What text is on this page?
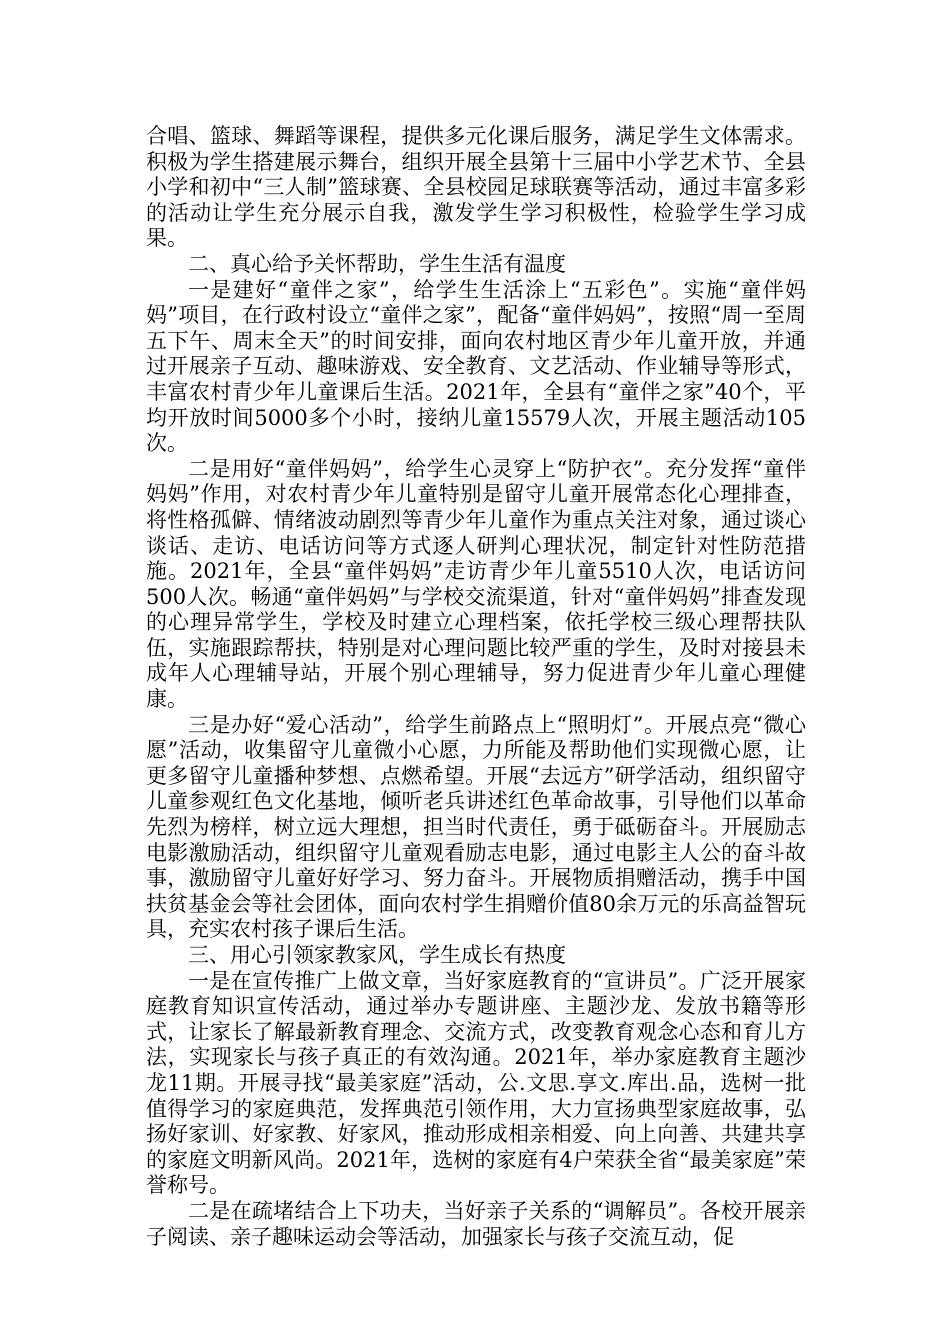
合唱、篮球、舞蹈等课程，提供多元化课后服务，满足学生文体需求。积极为学生搭建展示舞台，组织开展全县第十三届中小学艺术节、全县小学和初中“三人制”篮球赛、全县校园足球联赛等活动，通过丰富多彩的活动让学生充分展示自我，激发学生学习积极性，检验学生学习成果。

二、真心给予关怀帮助，学生生活有温度

一是建好“童伴之家”，给学生生活涂上“五彩色”。实施“童伴妈妈”项目，在行政村设立“童伴之家”，配备“童伴妈妈”，按照“周一至周五下午、周末全天”的时间安排，面向农村地区青少年儿童开放，并通过开展亲子互动、趣味游戏、安全教育、文艺活动、作业辅导等形式，丰富农村青少年儿童课后生活。2021年，全县有“童伴之家”40个，平均开放时间5000多个小时，接纳儿童15579人次，开展主题活动105次。

二是用好“童伴妈妈”，给学生心灵穿上“防护衣”。充分发挥“童伴妈妈”作用，对农村青少年儿童特别是留守儿童开展常态化心理排查，将性格孤僻、情绪波动剧烈等青少年儿童作为重点关注对象，通过谈心谈话、走访、电话访问等方式逐人研判心理状况，制定针对性防范措施。2021年，全县“童伴妈妈”走访青少年儿童5510人次，电话访问500人次。畅通“童伴妈妈”与学校交流渠道，针对“童伴妈妈”排查发现的心理异常学生，学校及时建立心理档案，依托学校三级心理帮扶队伍，实施跟踪帮扶，特别是对心理问题比较严重的学生，及时对接县未成年人心理辅导站，开展个别心理辅导，努力促进青少年儿童心理健康。

三是办好“爱心活动”，给学生前路点上“照明灯”。开展点亮“微心愿”活动，收集留守儿童微小心愿，力所能及帮助他们实现微心愿，让更多留守儿童播种梦想、点燃希望。开展“去远方”研学活动，组织留守儿童参观红色文化基地，倾听老兵讲述红色革命故事，引导他们以革命先烈为榜样，树立远大理想，担当时代责任，勇于砥砺奋斗。开展励志电影激励活动，组织留守儿童观看励志电影，通过电影主人公的奋斗故事，激励留守儿童好好学习、努力奋斗。开展物质捐赠活动，携手中国扶贫基金会等社会团体，面向农村学生捐赠价值80余万元的乐高益智玩具，充实农村孩子课后生活。

三、用心引领家教家风，学生成长有热度

一是在宣传推广上做文章，当好家庭教育的“宣讲员”。广泛开展家庭教育知识宣传活动，通过举办专题讲座、主题沙龙、发放书籍等形式，让家长了解最新教育理念、交流方式，改变教育观念心态和育儿方法，实现家长与孩子真正的有效沟通。2021年，举办家庭教育主题沙龙11期。开展寻找“最美家庭”活动，公.文思.享文.库出.品，选树一批值得学习的家庭典范，发挥典范引领作用，大力宣扬典型家庭故事，弘扬好家训、好家教、好家风，推动形成相亲相爱、向上向善、共建共享的家庭文明新风尚。2021年，选树的家庭有4户荣获全省“最美家庭”荣誉称号。

二是在疏堵结合上下功夫，当好亲子关系的“调解员”。各校开展亲子阅读、亲子趣味运动会等活动，加强家长与孩子交流互动，促
